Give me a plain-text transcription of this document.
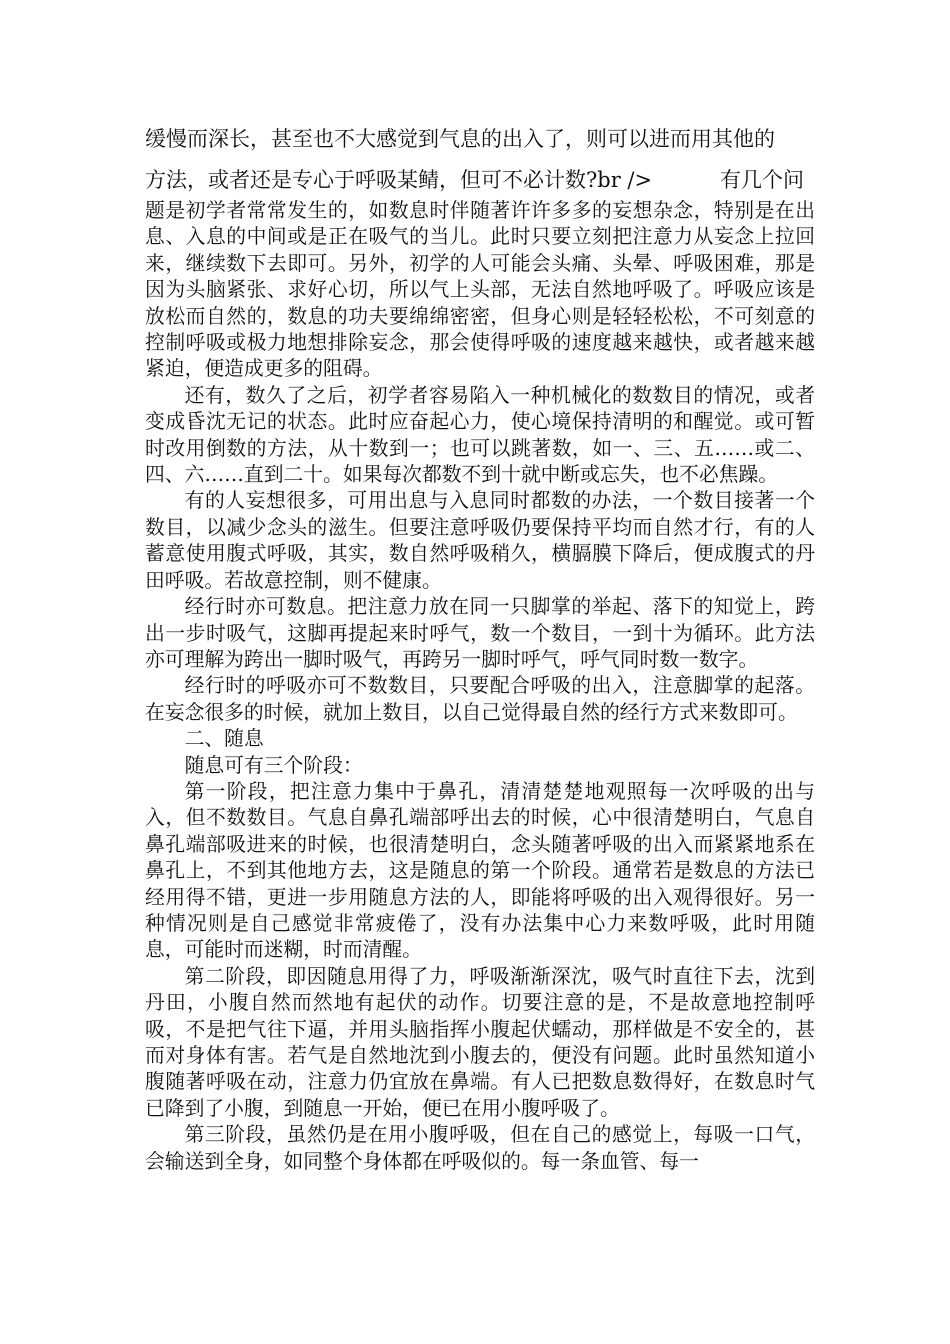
缓慢而深长，甚至也不大感觉到气息的出入了，则可以进而用其他的
方法，或者还是专心于呼吸某鲭，但可不必计数?br />	有几个问

题是初学者常常发生的，如数息时伴随著许许多多的妄想杂念，特别是在出息、入息的中间或是正在吸气的当儿。此时只要立刻把注意力从妄念上拉回来，继续数下去即可。另外，初学的人可能会头痛、头晕、呼吸困难，那是因为头脑紧张、求好心切，所以气上头部，无法自然地呼吸了。呼吸应该是放松而自然的，数息的功夫要绵绵密密，但身心则是轻轻松松，不可刻意的控制呼吸或极力地想排除妄念，那会使得呼吸的速度越来越快，或者越来越紧迫，便造成更多的阻碍。

还有，数久了之后，初学者容易陷入一种机械化的数数目的情况，或者变成昏沈无记的状态。此时应奋起心力，使心境保持清明的和醒觉。或可暂时改用倒数的方法，从十数到一；也可以跳著数，如一、三、五……或二、四、六……直到二十。如果每次都数不到十就中断或忘失，也不必焦躁。

有的人妄想很多，可用出息与入息同时都数的办法，一个数目接著一个数目，以减少念头的滋生。但要注意呼吸仍要保持平均而自然才行，有的人蓄意使用腹式呼吸，其实，数自然呼吸稍久，横膈膜下降后，便成腹式的丹田呼吸。若故意控制，则不健康。

经行时亦可数息。把注意力放在同一只脚掌的举起、落下的知觉上，跨出一步时吸气，这脚再提起来时呼气，数一个数目，一到十为循环。此方法亦可理解为跨出一脚时吸气，再跨另一脚时呼气，呼气同时数一数字。

经行时的呼吸亦可不数数目，只要配合呼吸的出入，注意脚掌的起落。在妄念很多的时候，就加上数目，以自己觉得最自然的经行方式来数即可。

二、随息

随息可有三个阶段：

第一阶段，把注意力集中于鼻孔，清清楚楚地观照每一次呼吸的出与入，但不数数目。气息自鼻孔端部呼出去的时候，心中很清楚明白，气息自鼻孔端部吸进来的时候，也很清楚明白，念头随著呼吸的出入而紧紧地系在鼻孔上，不到其他地方去，这是随息的第一个阶段。通常若是数息的方法已经用得不错，更进一步用随息方法的人，即能将呼吸的出入观得很好。另一种情况则是自己感觉非常疲倦了，没有办法集中心力来数呼吸，此时用随息，可能时而迷糊，时而清醒。

第二阶段，即因随息用得了力，呼吸渐渐深沈，吸气时直往下去，沈到丹田，小腹自然而然地有起伏的动作。切要注意的是，不是故意地控制呼吸，不是把气往下逼，并用头脑指挥小腹起伏蠕动，那样做是不安全的，甚而对身体有害。若气是自然地沈到小腹去的，便没有问题。此时虽然知道小腹随著呼吸在动，注意力仍宜放在鼻端。有人已把数息数得好，在数息时气已降到了小腹，到随息一开始，便已在用小腹呼吸了。

第三阶段，虽然仍是在用小腹呼吸，但在自己的感觉上，每吸一口气，会输送到全身，如同整个身体都在呼吸似的。每一条血管、每一
